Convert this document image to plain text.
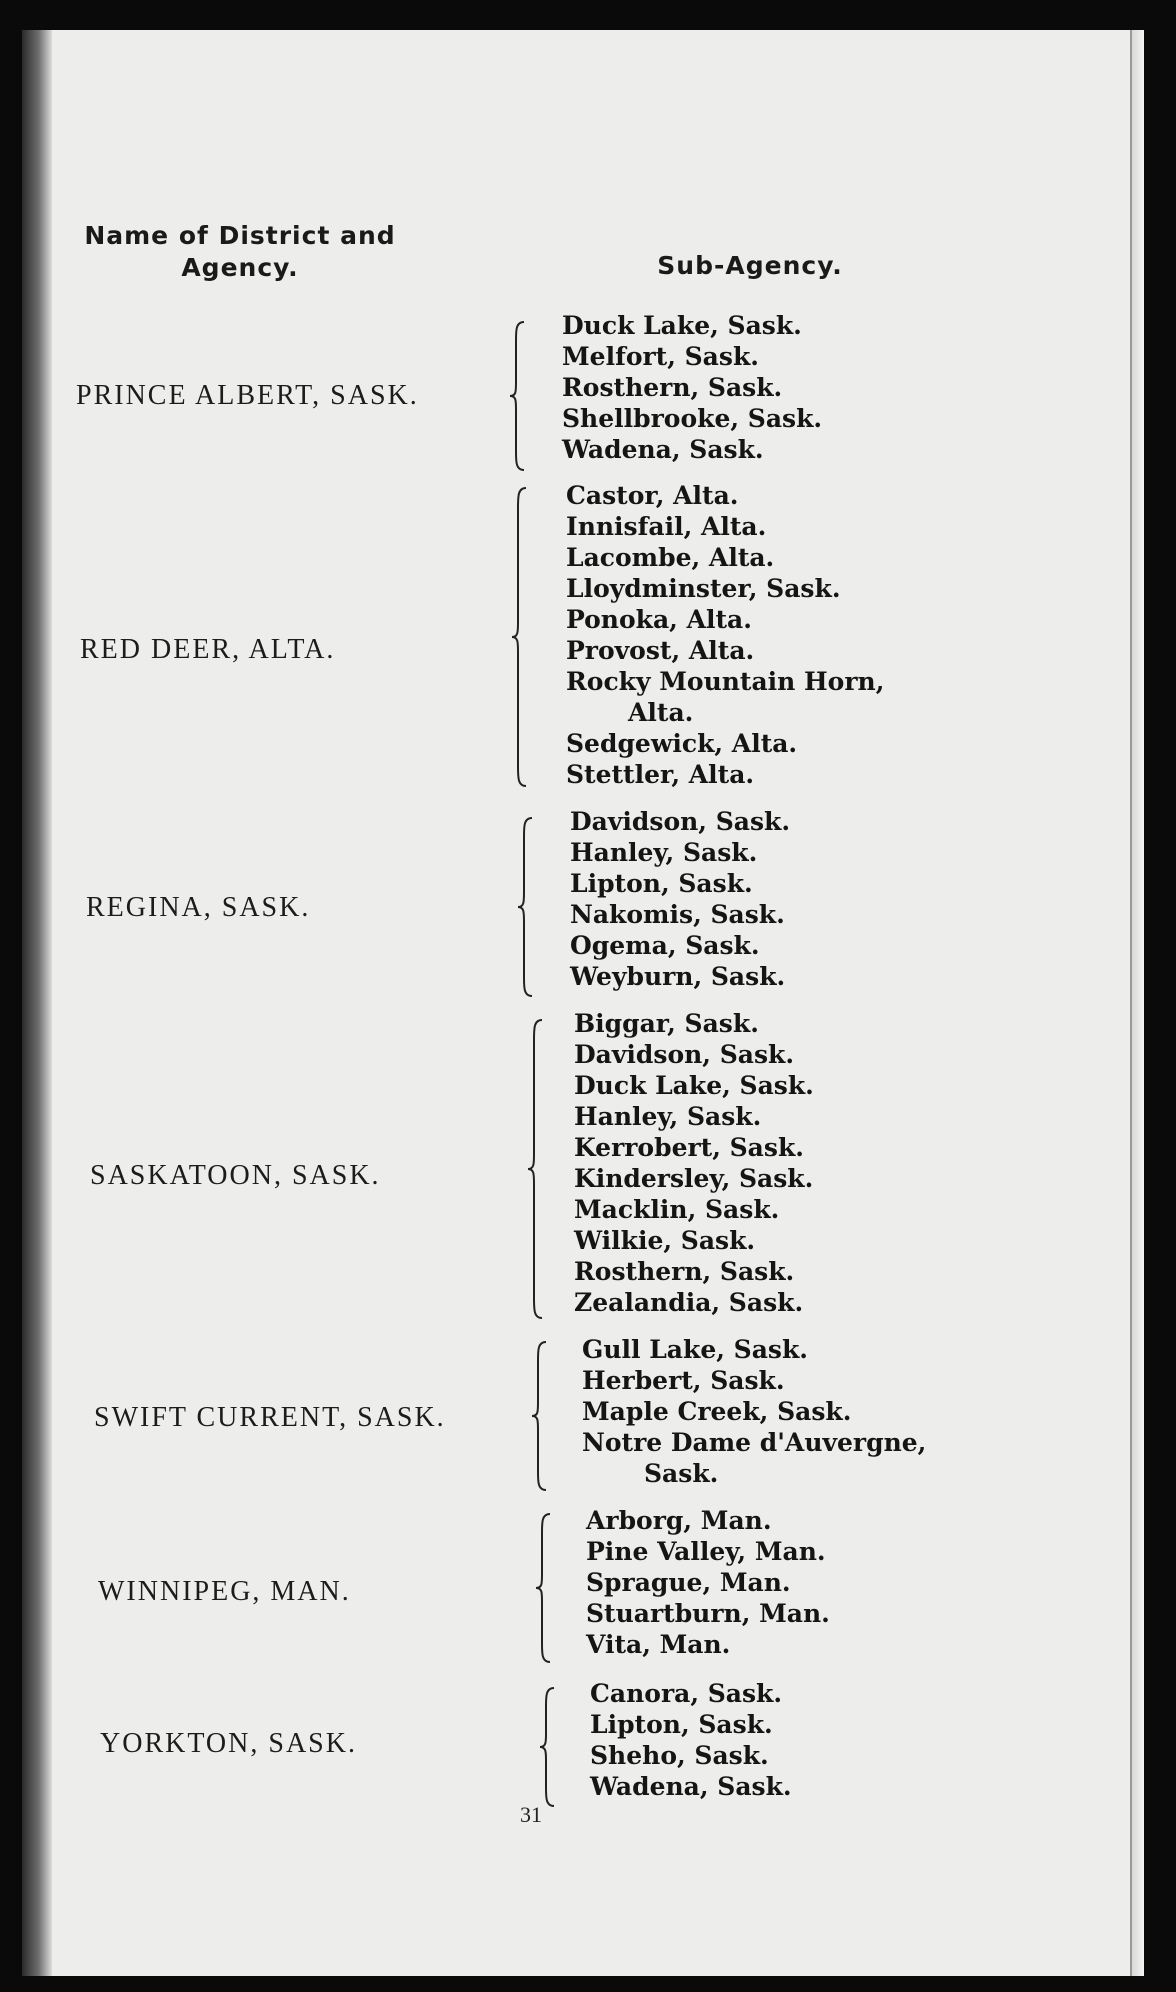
Name of District and
Agency.	Sub-Agency.
PRINCE ALBERT, SASK.
Duck Lake, Sask.
Melfort, Sask.
Rosthern, Sask.
Shellbrooke, Sask.
Wadena, Sask.
RED DEER, ALTA.
Castor, Alta.
Innisfail, Alta.
Lacombe, Alta.
Lloydminster, Sask.
Ponoka, Alta.
Provost, Alta.
Rocky Mountain Horn,
Alta.
Sedgewick, Alta.
Stettler, Alta.
REGINA, SASK.
Davidson, Sask.
Hanley, Sask.
Lipton, Sask.
Nakomis, Sask.
Ogema, Sask.
Weyburn, Sask.
SASKATOON, SASK.
Biggar, Sask.
Davidson, Sask.
Duck Lake, Sask.
Hanley, Sask.
Kerrobert, Sask.
Kindersley, Sask.
Macklin, Sask.
Wilkie, Sask.
Rosthern, Sask.
Zealandia, Sask.
SWIFT CURRENT, SASK.
Gull Lake, Sask.
Herbert, Sask.
Maple Creek, Sask.
Notre Dame d'Auvergne,
Sask.
WINNIPEG, MAN.
Arborg, Man.
Pine Valley, Man.
Sprague, Man.
Stuartburn, Man.
Vita, Man.
YORKTON, SASK.
Canora, Sask.
Lipton, Sask.
Sheho, Sask.
Wadena, Sask.
31
